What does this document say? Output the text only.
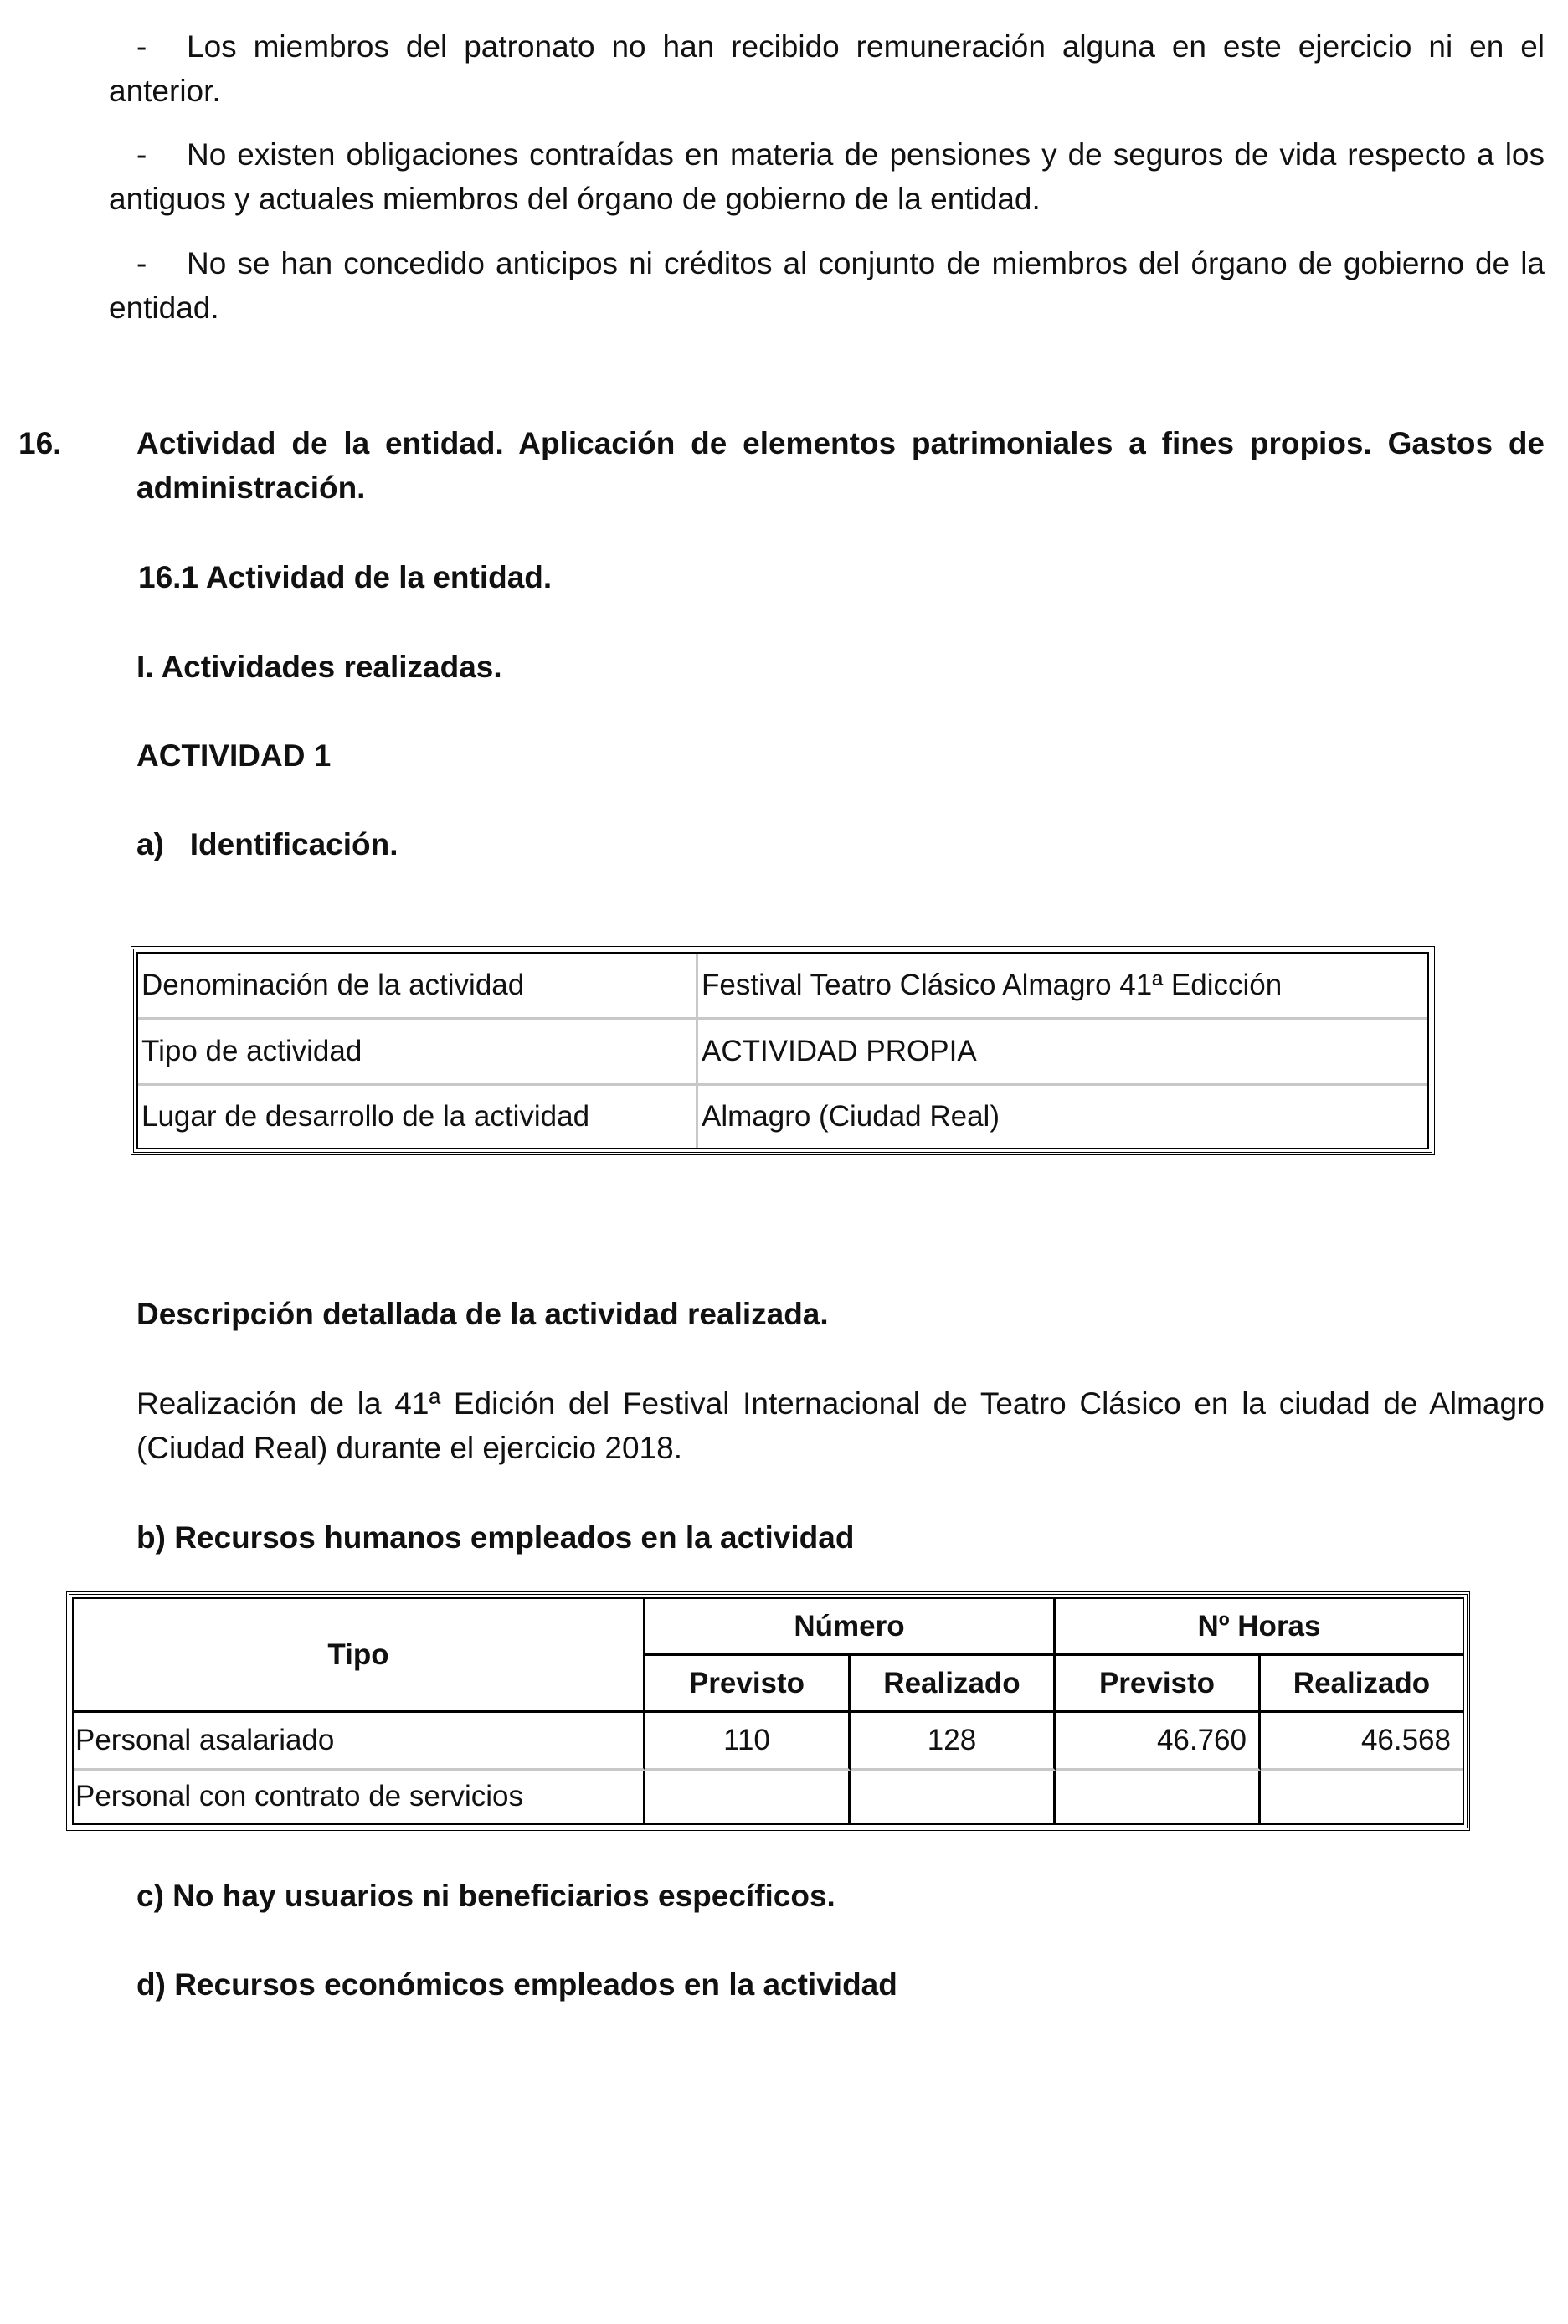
- Los miembros del patronato no han recibido remuneración alguna en este ejercicio ni en el anterior.

- No existen obligaciones contraídas en materia de pensiones y de seguros de vida respecto a los antiguos y actuales miembros del órgano de gobierno de la entidad.

- No se han concedido anticipos ni créditos al conjunto de miembros del órgano de gobierno de la entidad.

16. Actividad de la entidad. Aplicación de elementos patrimoniales a fines propios. Gastos de administración.

16.1 Actividad de la entidad.

I. Actividades realizadas.

ACTIVIDAD 1

a)   Identificación.

Denominación de la actividad	Festival Teatro Clásico Almagro 41ª Edicción
Tipo de actividad	ACTIVIDAD PROPIA
Lugar de desarrollo de la actividad	Almagro (Ciudad Real)

Descripción detallada de la actividad realizada.

Realización de la 41ª Edición del Festival Internacional de Teatro Clásico en la ciudad de Almagro (Ciudad Real) durante el ejercicio 2018.

b) Recursos humanos empleados en la actividad

Tipo	Número		Nº Horas	
	Previsto	Realizado	Previsto	Realizado
Personal asalariado	110	128	46.760	46.568
Personal con contrato de servicios				

c) No hay usuarios ni beneficiarios específicos.

d) Recursos económicos empleados en la actividad
